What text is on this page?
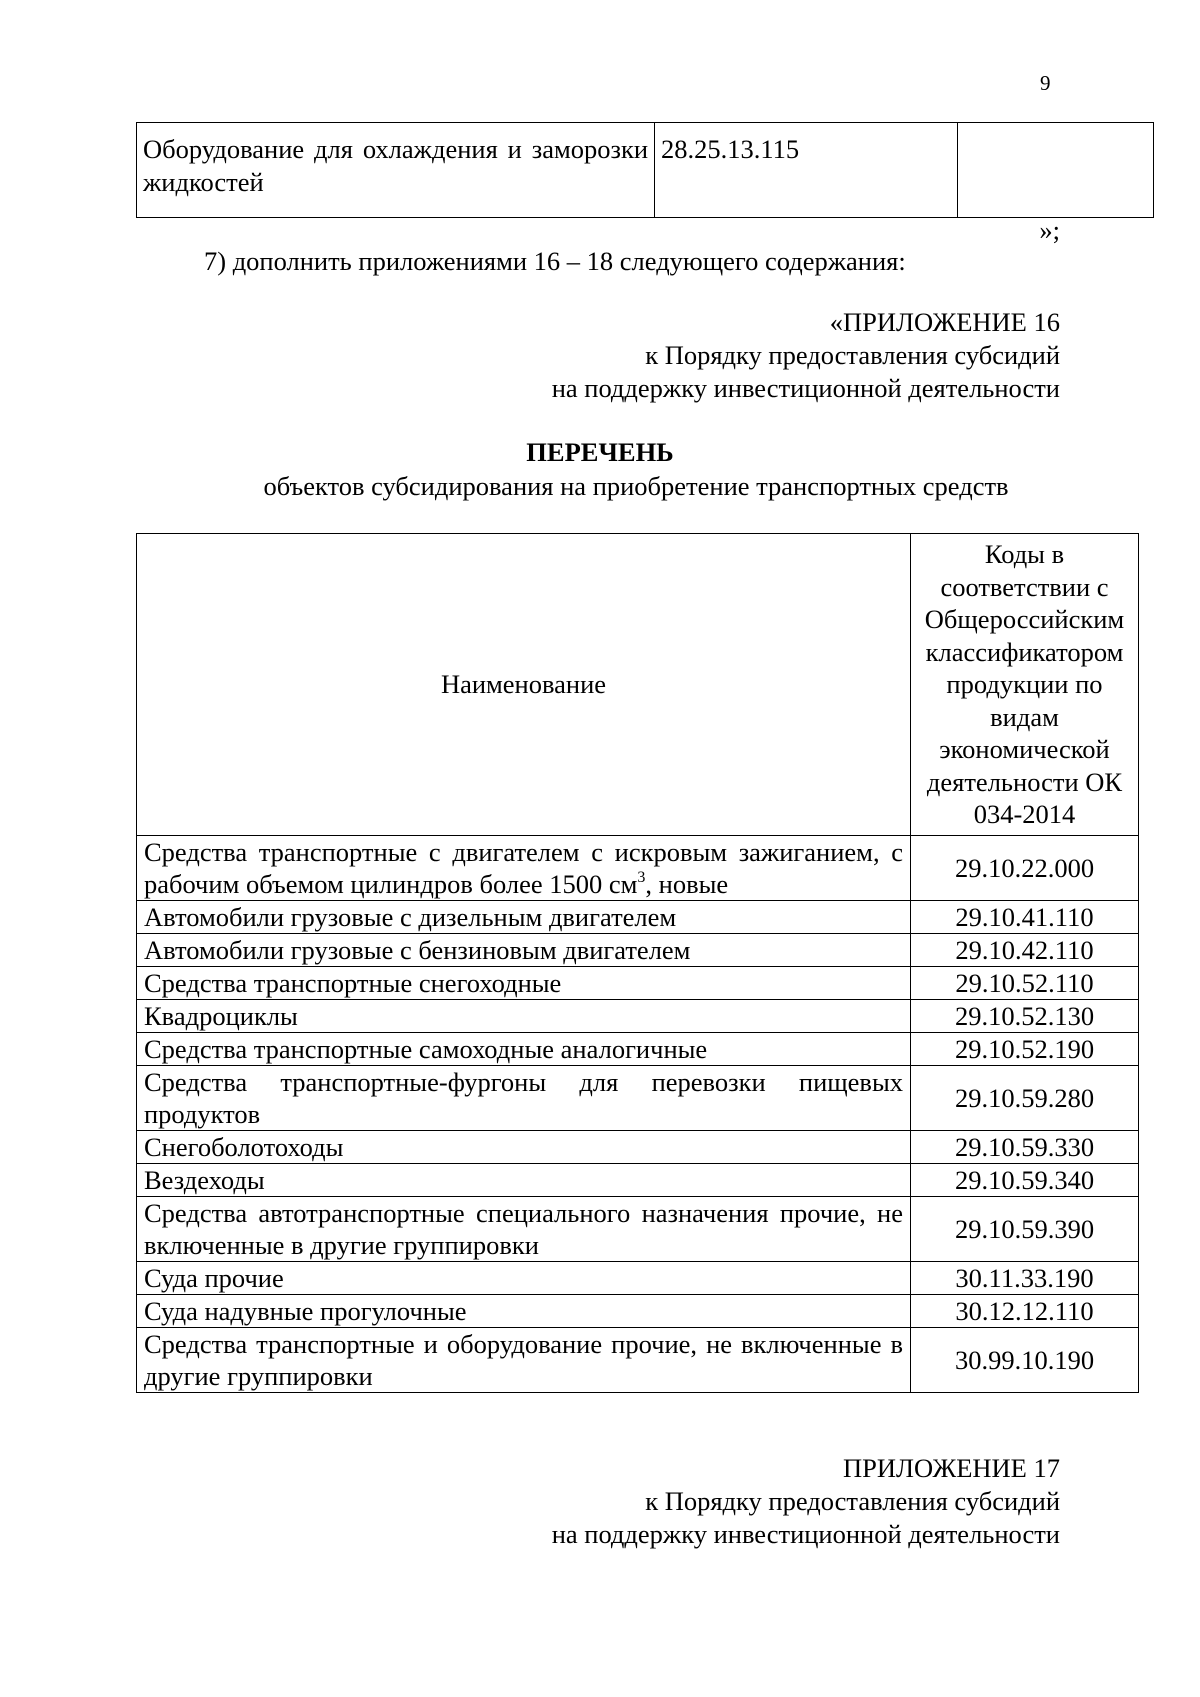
9
Оборудование для охлаждения и заморозки жидкостей	28.25.13.115	
»;
7) дополнить приложениями 16 – 18 следующего содержания:
«ПРИЛОЖЕНИЕ 16
к Порядку предоставления субсидий
на поддержку инвестиционной деятельности
ПЕРЕЧЕНЬ
объектов субсидирования на приобретение транспортных средств
Наименование	Коды в соответствии с Общероссийским классификатором продукции по видам экономической деятельности ОК 034-2014
Средства транспортные с двигателем с искровым зажиганием, с рабочим объемом цилиндров более 1500 $см^3$, новые	29.10.22.000
Автомобили грузовые с дизельным двигателем	29.10.41.110
Автомобили грузовые с бензиновым двигателем	29.10.42.110
Средства транспортные снегоходные	29.10.52.110
Квадроциклы	29.10.52.130
Средства транспортные самоходные аналогичные	29.10.52.190
Средства транспортные-фургоны для перевозки пищевых продуктов	29.10.59.280
Снегоболотоходы	29.10.59.330
Вездеходы	29.10.59.340
Средства автотранспортные специального назначения прочие, не включенные в другие группировки	29.10.59.390
Суда прочие	30.11.33.190
Суда надувные прогулочные	30.12.12.110
Средства транспортные и оборудование прочие, не включенные в другие группировки	30.99.10.190
ПРИЛОЖЕНИЕ 17
к Порядку предоставления субсидий
на поддержку инвестиционной деятельности
